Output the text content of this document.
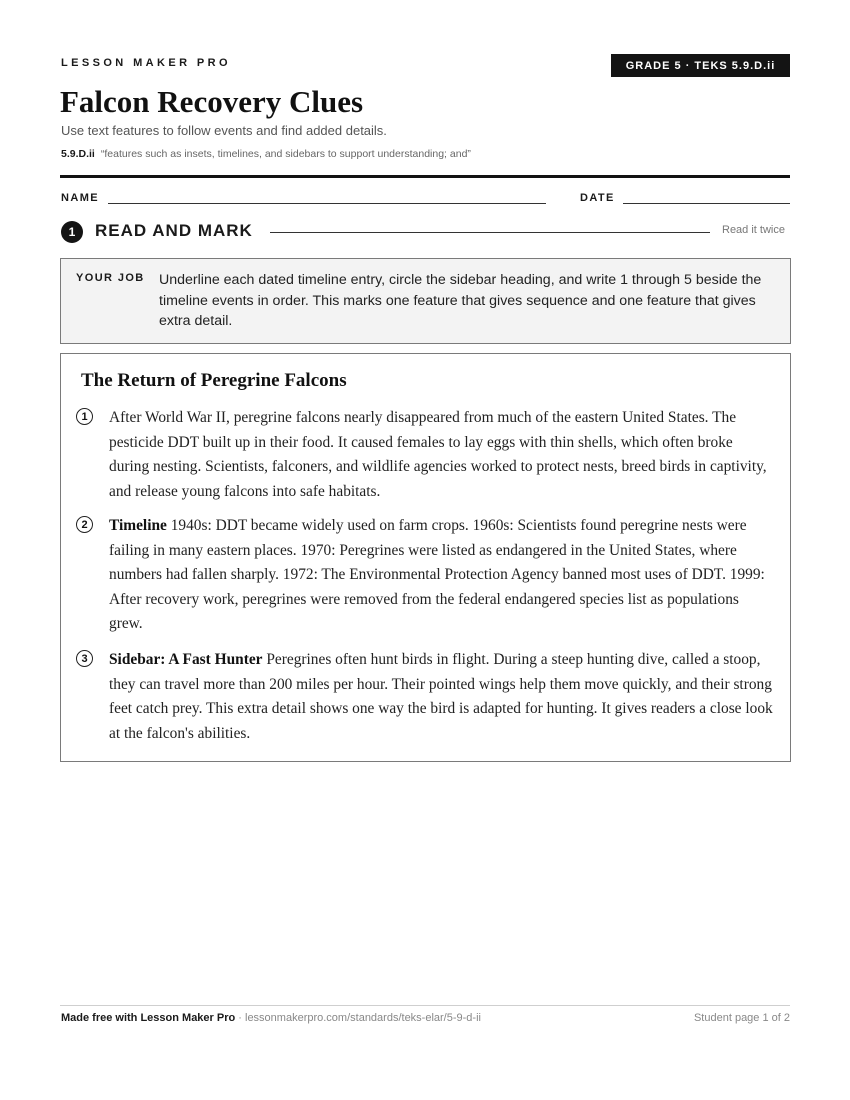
LESSON MAKER PRO	GRADE 5 · TEKS 5.9.D.ii
Falcon Recovery Clues
Use text features to follow events and find added details.
5.9.D.ii “features such as insets, timelines, and sidebars to support understanding; and”
NAME	DATE
1	READ AND MARK	Read it twice
YOUR JOB Underline each dated timeline entry, circle the sidebar heading, and write 1 through 5 beside the timeline events in order. This marks one feature that gives sequence and one feature that gives extra detail.
The Return of Peregrine Falcons
1	After World War II, peregrine falcons nearly disappeared from much of the eastern United States. The pesticide DDT built up in their food. It caused females to lay eggs with thin shells, which often broke during nesting. Scientists, falconers, and wildlife agencies worked to protect nests, breed birds in captivity, and release young falcons into safe habitats.
2	Timeline 1940s: DDT became widely used on farm crops. 1960s: Scientists found peregrine nests were failing in many eastern places. 1970: Peregrines were listed as endangered in the United States, where numbers had fallen sharply. 1972: The Environmental Protection Agency banned most uses of DDT. 1999: After recovery work, peregrines were removed from the federal endangered species list as populations grew.
3	Sidebar: A Fast Hunter Peregrines often hunt birds in flight. During a steep hunting dive, called a stoop, they can travel more than 200 miles per hour. Their pointed wings help them move quickly, and their strong feet catch prey. This extra detail shows one way the bird is adapted for hunting. It gives readers a close look at the falcon's abilities.
Made free with Lesson Maker Pro · lessonmakerpro.com/standards/teks-elar/5-9-d-ii	Student page 1 of 2
